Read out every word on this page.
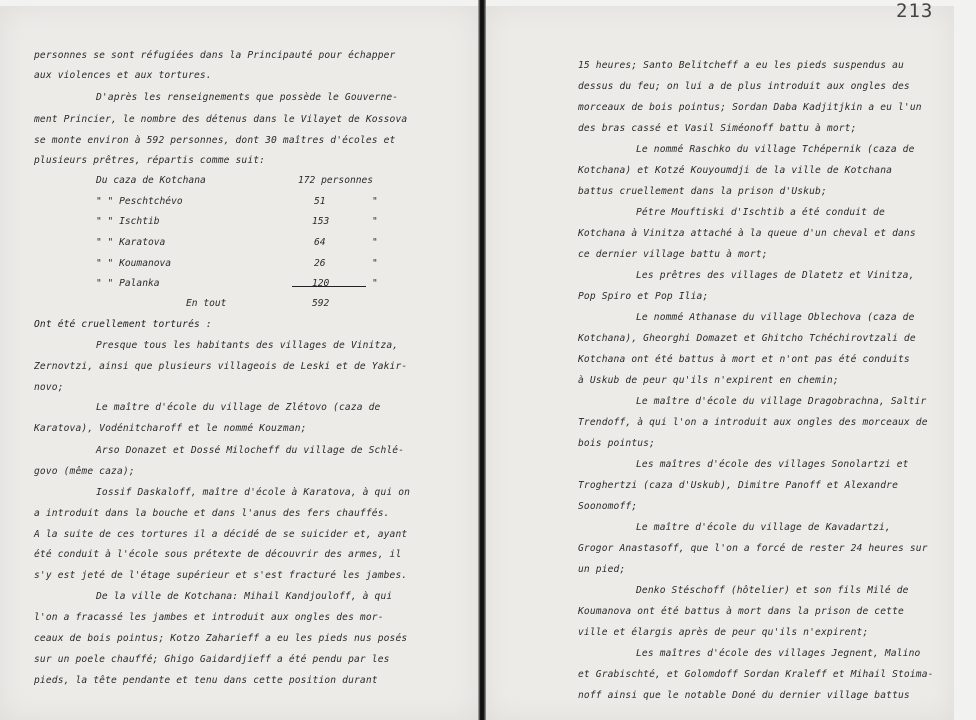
213
personnes se sont réfugiées dans la Principauté pour échapper
aux violences et aux tortures.
D'après les renseignements que possède le Gouverne-
ment Princier, le nombre des détenus dans le Vilayet de Kossova
se monte environ à 592 personnes, dont 30 maîtres d'écoles et
plusieurs prêtres, répartis comme suit:
Du caza de Kotchana	172 personnes
" " Peschtchévo	51	"
" " Ischtib	153	"
" " Karatova	64	"
" " Koumanova	26	"
" " Palanka	120	"
En tout	592
Ont été cruellement torturés :
Presque tous les habitants des villages de Vinitza,
Zernovtzi, ainsi que plusieurs villageois de Leski et de Yakir-
novo;
Le maître d'école du village de Zlétovo (caza de
Karatova), Vodénitcharoff et le nommé Kouzman;
Arso Donazet et Dossé Milocheff du village de Schlé-
govo (même caza);
Iossif Daskaloff, maître d'école à Karatova, à qui on
a introduit dans la bouche et dans l'anus des fers chauffés.
A la suite de ces tortures il a décidé de se suicider et, ayant
été conduit à l'école sous prétexte de découvrir des armes, il
s'y est jeté de l'étage supérieur et s'est fracturé les jambes.
De la ville de Kotchana: Mihail Kandjouloff, à qui
l'on a fracassé les jambes et introduit aux ongles des mor-
ceaux de bois pointus; Kotzo Zaharieff a eu les pieds nus posés
sur un poele chauffé; Ghigo Gaidardjieff a été pendu par les
pieds, la tête pendante et tenu dans cette position durant
15 heures; Santo Belitcheff a eu les pieds suspendus au
dessus du feu; on lui a de plus introduit aux ongles des
morceaux de bois pointus; Sordan Daba Kadjitjkin a eu l'un
des bras cassé et Vasil Siméonoff battu à mort;
Le nommé Raschko du village Tchépernik (caza de
Kotchana) et Kotzé Kouyoumdji de la ville de Kotchana
battus cruellement dans la prison d'Uskub;
Pétre Mouftiski d'Ischtib a été conduit de
Kotchana à Vinitza attaché à la queue d'un cheval et dans
ce dernier village battu à mort;
Les prêtres des villages de Dlatetz et Vinitza,
Pop Spiro et Pop Ilia;
Le nommé Athanase du village Oblechova (caza de
Kotchana), Gheorghi Domazet et Ghitcho Tchéchirovtzali de
Kotchana ont été battus à mort et n'ont pas été conduits
à Uskub de peur qu'ils n'expirent en chemin;
Le maître d'école du village Dragobrachna, Saltir
Trendoff, à qui l'on a introduit aux ongles des morceaux de
bois pointus;
Les maîtres d'école des villages Sonolartzi et
Troghertzi (caza d'Uskub), Dimitre Panoff et Alexandre
Soonomoff;
Le maître d'école du village de Kavadartzi,
Grogor Anastasoff, que l'on a forcé de rester 24 heures sur
un pied;
Denko Stéschoff (hôtelier) et son fils Milé de
Koumanova ont été battus à mort dans la prison de cette
ville et élargis après de peur qu'ils n'expirent;
Les maîtres d'école des villages Jegnent, Malino
et Grabischté, et Golomdoff Sordan Kraleff et Mihail Stoima-
noff ainsi que le notable Doné du dernier village battus
